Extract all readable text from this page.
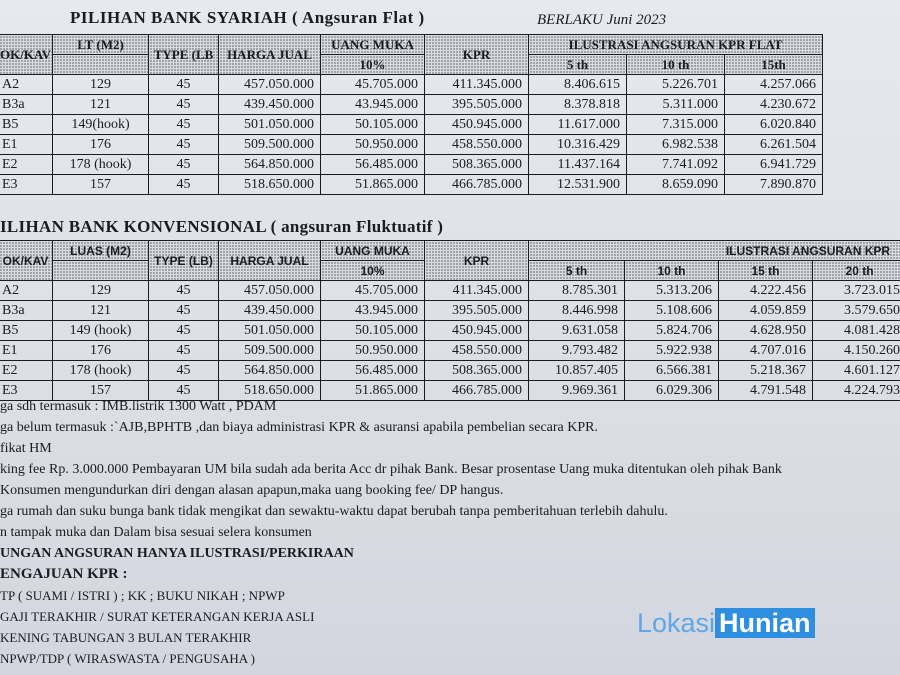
PILIHAN BANK SYARIAH ( Angsuran Flat )	BERLAKU Juni 2023
OK/KAV	LT (M2)	TYPE (LB	HARGA JUAL	UANG MUKA	KPR	ILUSTRASI ANGSURAN KPR FLAT		
				10%		5 th	10 th	15th
A2	129	45	457.050.000	45.705.000	411.345.000	8.406.615	5.226.701	4.257.066
B3a	121	45	439.450.000	43.945.000	395.505.000	8.378.818	5.311.000	4.230.672
B5	149(hook)	45	501.050.000	50.105.000	450.945.000	11.617.000	7.315.000	6.020.840
E1	176	45	509.500.000	50.950.000	458.550.000	10.316.429	6.982.538	6.261.504
E2	178 (hook)	45	564.850.000	56.485.000	508.365.000	11.437.164	7.741.092	6.941.729
E3	157	45	518.650.000	51.865.000	466.785.000	12.531.900	8.659.090	7.890.870
ILIHAN BANK KONVENSIONAL ( angsuran Fluktuatif )
OK/KAV	LUAS (M2)	TYPE (LB)	HARGA JUAL	UANG MUKA	KPR	ILUSTRASI ANGSURAN KPR			
				10%		5 th	10 th	15 th	20 th
A2	129	45	457.050.000	45.705.000	411.345.000	8.785.301	5.313.206	4.222.456	3.723.015
B3a	121	45	439.450.000	43.945.000	395.505.000	8.446.998	5.108.606	4.059.859	3.579.650
B5	149 (hook)	45	501.050.000	50.105.000	450.945.000	9.631.058	5.824.706	4.628.950	4.081.428
E1	176	45	509.500.000	50.950.000	458.550.000	9.793.482	5.922.938	4.707.016	4.150.260
E2	178 (hook)	45	564.850.000	56.485.000	508.365.000	10.857.405	6.566.381	5.218.367	4.601.127
E3	157	45	518.650.000	51.865.000	466.785.000	9.969.361	6.029.306	4.791.548	4.224.793
ga sdh termasuk : IMB.listrik 1300 Watt , PDAM
ga belum termasuk :`AJB,BPHTB ,dan biaya administrasi KPR & asuransi apabila pembelian secara KPR.
fikat HM
king fee Rp. 3.000.000 Pembayaran UM bila sudah ada berita Acc dr pihak Bank. Besar prosentase Uang muka ditentukan oleh pihak Bank
Konsumen mengundurkan diri dengan alasan apapun,maka uang booking fee/ DP hangus.
ga rumah dan suku bunga bank tidak mengikat dan sewaktu-waktu dapat berubah tanpa pemberitahuan terlebih dahulu.
n tampak muka dan Dalam bisa sesuai selera konsumen
UNGAN ANGSURAN HANYA ILUSTRASI/PERKIRAAN
ENGAJUAN KPR :
TP ( SUAMI / ISTRI ) ; KK ; BUKU NIKAH ; NPWP
GAJI TERAKHIR / SURAT KETERANGAN KERJA ASLI
KENING TABUNGAN 3 BULAN TERAKHIR
NPWP/TDP ( WIRASWASTA / PENGUSAHA )
Lokasi Hunian
